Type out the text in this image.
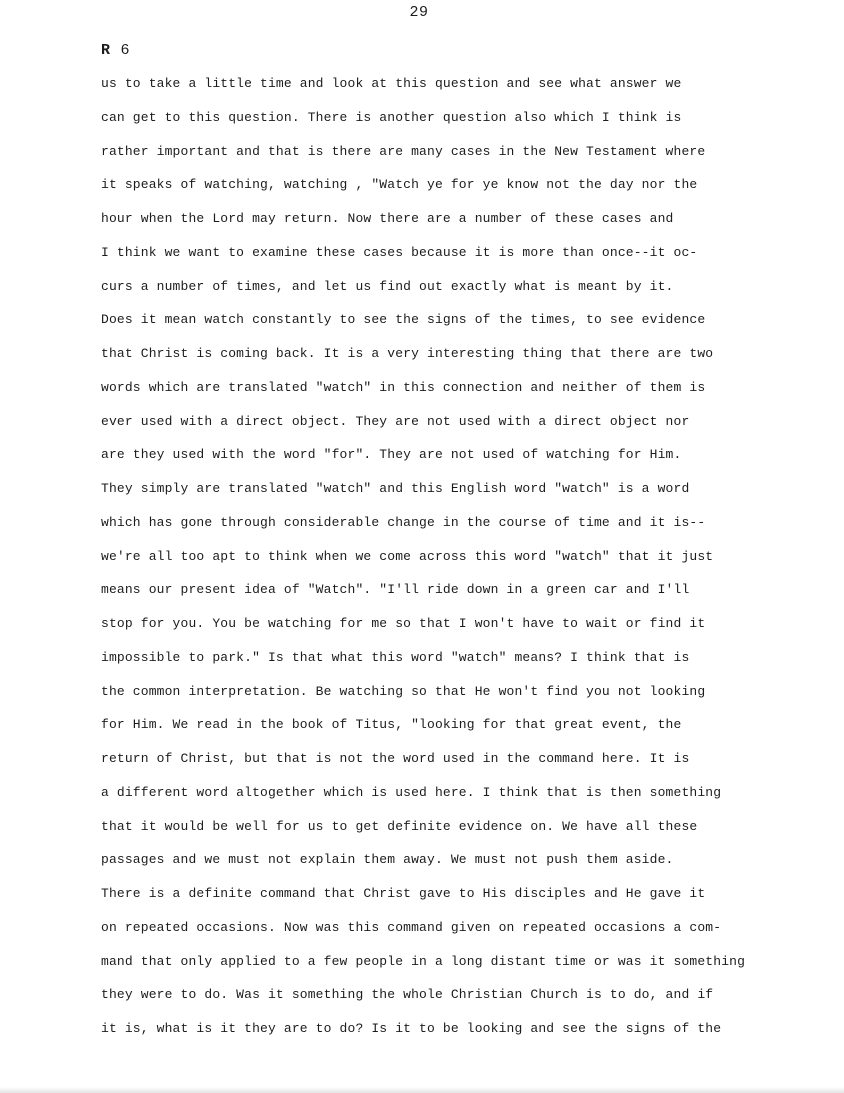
29
R 6
us to take a little time and look at this question and see what answer we
can get to this question. There is another question also which I think is
rather important and that is there are many cases in the New Testament where
it speaks of watching, watching , "Watch ye for ye know not the day nor the
hour when the Lord may return. Now there are a number of these cases and
I think we want to examine these cases because it is more than once--it oc-
curs a number of times, and let us find out exactly what is meant by it.
Does it mean watch constantly to see the signs of the times, to see evidence
that Christ is coming back. It is a very interesting thing that there are two
words which are translated "watch" in this connection and neither of them is
ever used with a direct object. They are not used with a direct object nor
are they used with the word "for". They are not used of watching for Him.
They simply are translated "watch" and this English word "watch" is a word
which has gone through considerable change in the course of time and it is--
we're all too apt to think when we come across this word "watch" that it just
means our present idea of "Watch". "I'll ride down in a green car and I'll
stop for you. You be watching for me so that I won't have to wait or find it
impossible to park." Is that what this word "watch" means? I think that is
the common interpretation. Be watching so that He won't find you not looking
for Him. We read in the book of Titus, "looking for that great event, the
return of Christ, but that is not the word used in the command here. It is
a different word altogether which is used here. I think that is then something
that it would be well for us to get definite evidence on. We have all these
passages and we must not explain them away. We must not push them aside.
There is a definite command that Christ gave to His disciples and He gave it
on repeated occasions. Now was this command given on repeated occasions a com-
mand that only applied to a few people in a long distant time or was it something
they were to do. Was it something the whole Christian Church is to do, and if
it is, what is it they are to do? Is it to be looking and see the signs of the
